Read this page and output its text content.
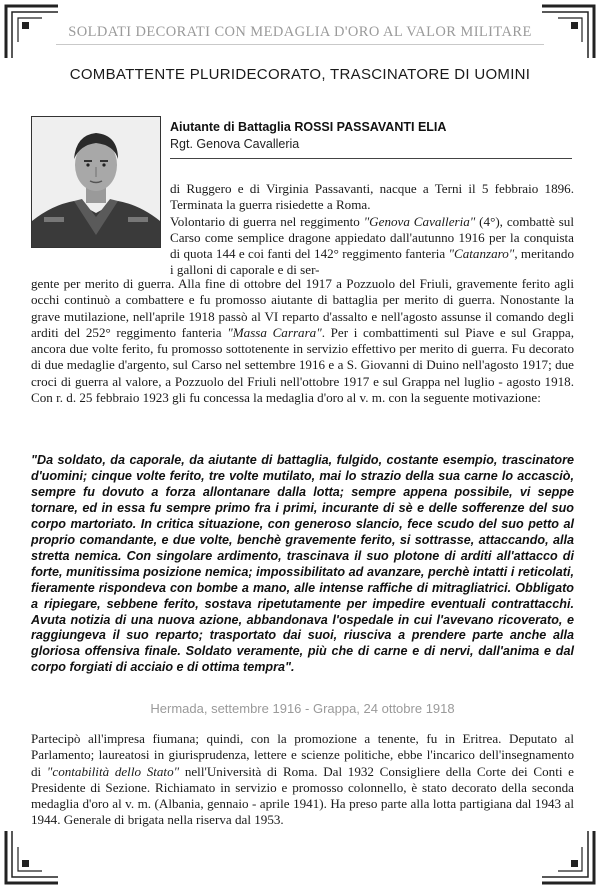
SOLDATI DECORATI CON MEDAGLIA D'ORO AL VALOR MILITARE
COMBATTENTE PLURIDECORATO, TRASCINATORE DI UOMINI
Aiutante di Battaglia ROSSI PASSAVANTI ELIA
Rgt. Genova Cavalleria

di Ruggero e di Virginia Passavanti, nacque a Terni il 5 febbraio 1896. Terminata la guerra risiedette a Roma.

Volontario di guerra nel reggimento "Genova Cavalleria" (4°), combattè sul Carso come semplice dragone appiedato dall'autunno 1916 per la conquista di quota 144 e coi fanti del 142° reggimento fanteria "Catanzaro", meritando i galloni di caporale e di ser-

gente per merito di guerra. Alla fine di ottobre del 1917 a Pozzuolo del Friuli, gravemente ferito agli occhi continuò a combattere e fu promosso aiutante di battaglia per merito di guerra. Nonostante la grave mutilazione, nell'aprile 1918 passò al VI reparto d'assalto e nell'agosto assunse il comando degli arditi del 252° reggimento fanteria "Massa Carrara". Per i combattimenti sul Piave e sul Grappa, ancora due volte ferito, fu promosso sottotenente in servizio effettivo per merito di guerra. Fu decorato di due medaglie d'argento, sul Carso nel settembre 1916 e a S. Giovanni di Duino nell'agosto 1917; due croci di guerra al valore, a Pozzuolo del Friuli nell'ottobre 1917 e sul Grappa nel luglio - agosto 1918. Con r. d. 25 febbraio 1923 gli fu concessa la medaglia d'oro al v. m. con la seguente motivazione:

"Da soldato, da caporale, da aiutante di battaglia, fulgido, costante esempio, trascinatore d'uomini; cinque volte ferito, tre volte mutilato, mai lo strazio della sua carne lo accasciò, sempre fu dovuto a forza allontanare dalla lotta; sempre appena possibile, vi seppe tornare, ed in essa fu sempre primo fra i primi, incurante di sè e delle sofferenze del suo corpo martoriato. In critica situazione, con generoso slancio, fece scudo del suo petto al proprio comandante, e due volte, benchè gravemente ferito, si sottrasse, attaccando, alla stretta nemica. Con singolare ardimento, trascinava il suo plotone di arditi all'attacco di forte, munitissima posizione nemica; impossibilitato ad avanzare, perchè intatti i reticolati, fieramente rispondeva con bombe a mano, alle intense raffiche di mitragliatrici. Obbligato a ripiegare, sebbene ferito, sostava ripetutamente per impedire eventuali contrattacchi. Avuta notizia di una nuova azione, abbandonava l'ospedale in cui l'avevano ricoverato, e raggiungeva il suo reparto; trasportato dai suoi, riusciva a prendere parte anche alla gloriosa offensiva finale. Soldato veramente, più che di carne e di nervi, dall'anima e dal corpo forgiati di acciaio e di ottima tempra".

Hermada, settembre 1916 - Grappa, 24 ottobre 1918

Partecipò all'impresa fiumana; quindi, con la promozione a tenente, fu in Eritrea. Deputato al Parlamento; laureatosi in giurisprudenza, lettere e scienze politiche, ebbe l'incarico dell'insegnamento di "contabilità dello Stato" nell'Università di Roma. Dal 1932 Consigliere della Corte dei Conti e Presidente di Sezione. Richiamato in servizio e promosso colonnello, è stato decorato della seconda medaglia d'oro al v. m. (Albania, gennaio - aprile 1941). Ha preso parte alla lotta partigiana dal 1943 al 1944. Generale di brigata nella riserva dal 1953.
